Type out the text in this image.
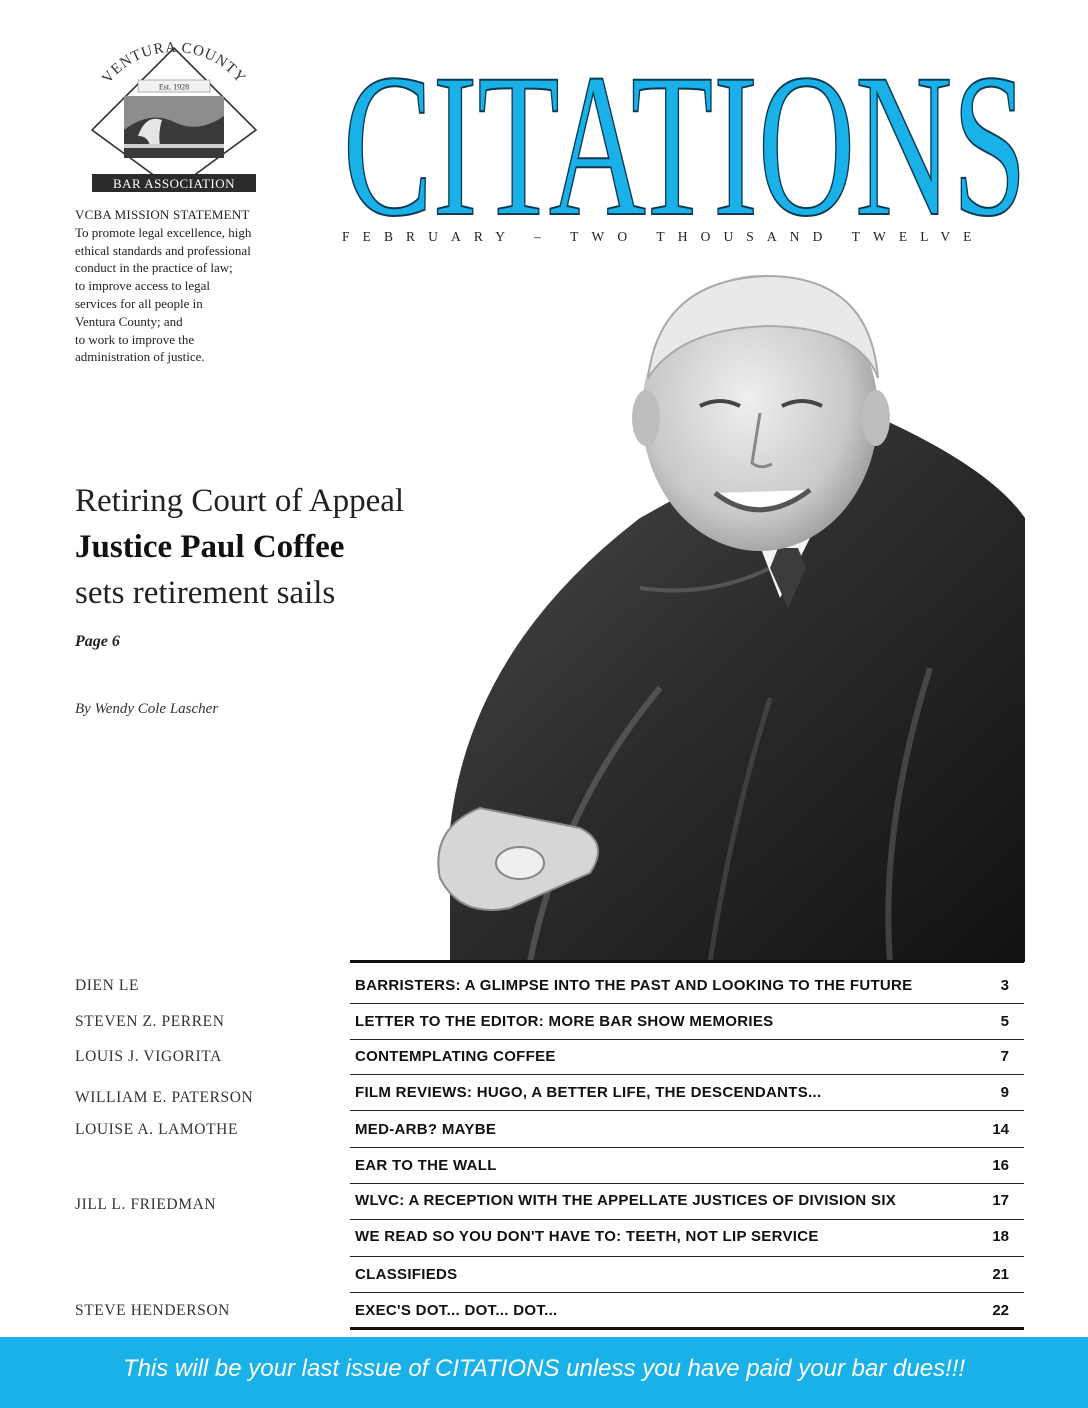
VENTURA COUNTY
Est. 1928
BAR ASSOCIATION
VCBA MISSION STATEMENT
To promote legal excellence, high
ethical standards and professional
conduct in the practice of law;
to improve access to legal
services for all people in
Ventura County; and
to work to improve the
administration of justice.
CITATIONS
FEBRUARY – TWO THOUSAND TWELVE
Retiring Court of Appeal
Justice Paul Coffee
sets retirement sails
Page 6
By Wendy Cole Lascher
DIEN LE	BARRISTERS: A GLIMPSE INTO THE PAST AND LOOKING TO THE FUTURE	3
STEVEN Z. PERREN	LETTER TO THE EDITOR: MORE BAR SHOW MEMORIES	5
LOUIS J. VIGORITA	CONTEMPLATING COFFEE	7
WILLIAM E. PATERSON	FILM REVIEWS: HUGO, A BETTER LIFE, THE DESCENDANTS...	9
LOUISE A. LAMOTHE	MED-ARB? MAYBE	14
EAR TO THE WALL	16
JILL L. FRIEDMAN	WLVC: A RECEPTION WITH THE APPELLATE JUSTICES OF DIVISION SIX	17
WE READ SO YOU DON'T HAVE TO: TEETH, NOT LIP SERVICE	18
CLASSIFIEDS	21
STEVE HENDERSON	EXEC'S DOT... DOT... DOT...	22
This will be your last issue of CITATIONS unless you have paid your bar dues!!!
